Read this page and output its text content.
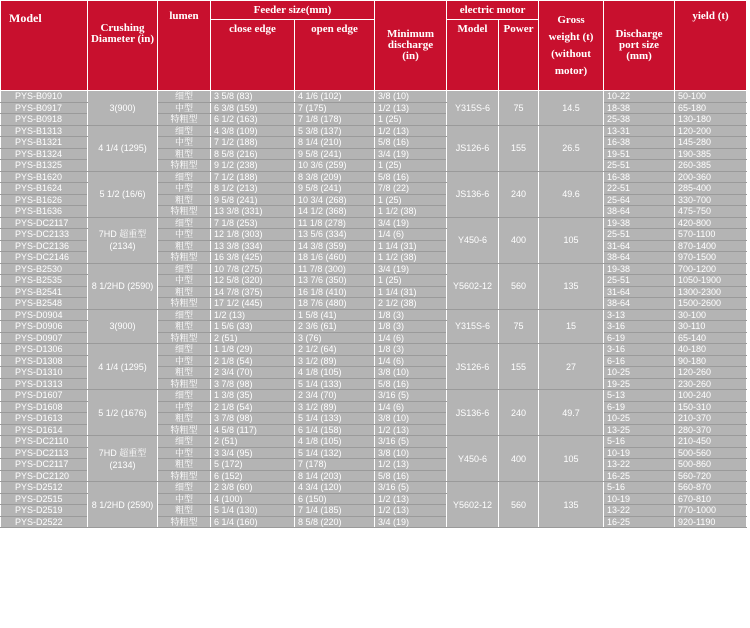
Model	Crushing Diameter (in)	lumen	Feeder size(mm)		Minimum discharge (in)	electric motor		Gross weight (t) (without motor)	Discharge port size (mm)	yield (t)
			close edge	open edge		Model	Power			
PYS-B0910	3(900)	细型	3 5/8 (83)	4 1/6 (102)	3/8 (10)	Y315S-6	75	14.5	10-22	50-100
PYS-B0917		中型	6 3/8 (159)	7 (175)	1/2 (13)				18-38	65-180
PYS-B0918		特粗型	6 1/2 (163)	7 1/8 (178)	1 (25)				25-38	130-180
PYS-B1313	4 1/4 (1295)	细型	4 3/8 (109)	5 3/8 (137)	1/2 (13)	JS126-6	155	26.5	13-31	120-200
PYS-B1321		中型	7 1/2 (188)	8 1/4 (210)	5/8 (16)				16-38	145-280
PYS-B1324		粗型	8 5/8 (216)	9 5/8 (241)	3/4 (19)				19-51	190-385
PYS-B1325		特粗型	9 1/2 (238)	10 3/6 (259)	1 (25)				25-51	260-385
PYS-B1620	5 1/2 (16/6)	细型	7 1/2 (188)	8 3/8 (209)	5/8 (16)	JS136-6	240	49.6	16-38	200-360
PYS-B1624		中型	8 1/2 (213)	9 5/8 (241)	7/8 (22)				22-51	285-400
PYS-B1626		粗型	9 5/8 (241)	10 3/4 (268)	1 (25)				25-64	330-700
PYS-B1636		特粗型	13 3/8 (331)	14 1/2 (368)	1 1/2 (38)				38-64	475-750
PYS-DC2117	7HD 超重型 (2134)	细型	7 1/8 (253)	11 1/8 (278)	3/4 (19)	Y450-6	400	105	19-38	420-800
PYS-DC2133		中型	12 1/8 (303)	13 5/6 (334)	1/4 (6)				25-51	570-1100
PYS-DC2136		粗型	13 3/8 (334)	14 3/8 (359)	1 1/4 (31)				31-64	870-1400
PYS-DC2146		特粗型	16 3/8 (425)	18 1/6 (460)	1 1/2 (38)				38-64	970-1500
PYS-B2530	8 1/2HD (2590)	细型	10 7/8 (275)	11 7/8 (300)	3/4 (19)	Y5602-12	560	135	19-38	700-1200
PYS-B2535		中型	12 5/8 (320)	13 7/6 (350)	1 (25)				25-51	1050-1900
PYS-B2541		粗型	14 7/8 (375)	16 1/8 (410)	1 1/4 (31)				31-64	1300-2300
PYS-B2548		特粗型	17 1/2 (445)	18 7/6 (480)	2 1/2 (38)				38-64	1500-2600
PYS-D0904	3(900)	细型	1/2 (13)	1 5/8 (41)	1/8 (3)	Y315S-6	75	15	3-13	30-100
PYS-D0906		粗型	1 5/6 (33)	2 3/6 (61)	1/8 (3)				3-16	30-110
PYS-D0907		特粗型	2 (51)	3 (76)	1/4 (6)				6-19	65-140
PYS-D1306	4 1/4 (1295)	细型	1 1/8 (29)	2 1/2 (64)	1/8 (3)	JS126-6	155	27	3-16	40-180
PYS-D1308		中型	2 1/8 (54)	3 1/2 (89)	1/4 (6)				6-16	90-180
PYS-D1310		粗型	2 3/4 (70)	4 1/8 (105)	3/8 (10)				10-25	120-260
PYS-D1313		特粗型	3 7/8 (98)	5 1/4 (133)	5/8 (16)				19-25	230-260
PYS-D1607	5 1/2 (1676)	细型	1 3/8 (35)	2 3/4 (70)	3/16 (5)	JS136-6	240	49.7	5-13	100-240
PYS-D1608		中型	2 1/8 (54)	3 1/2 (89)	1/4 (6)				6-19	150-310
PYS-D1613		粗型	3 7/8 (98)	5 1/4 (133)	3/8 (10)				10-25	210-370
PYS-D1614		特粗型	4 5/8 (117)	6 1/4 (158)	1/2 (13)				13-25	280-370
PYS-DC2110	7HD 超重型 (2134)	细型	2 (51)	4 1/8 (105)	3/16 (5)	Y450-6	400	105	5-16	210-450
PYS-DC2113		中型	3 3/4 (95)	5 1/4 (132)	3/8 (10)				10-19	500-560
PYS-DC2117		粗型	5 (172)	7 (178)	1/2 (13)				13-22	500-860
PYS-DC2120		特粗型	6 (152)	8 1/4 (203)	5/8 (16)				16-25	560-720
PYS-D2512	8 1/2HD (2590)	细型	2 3/8 (60)	4 3/4 (120)	3/16 (5)	Y5602-12	560	135	5-16	560-870
PYS-D2515		中型	4 (100)	6 (150)	1/2 (13)				10-19	670-810
PYS-D2519		粗型	5 1/4 (130)	7 1/4 (185)	1/2 (13)				13-22	770-1000
PYS-D2522		特粗型	6 1/4 (160)	8 5/8 (220)	3/4 (19)				16-25	920-1190
